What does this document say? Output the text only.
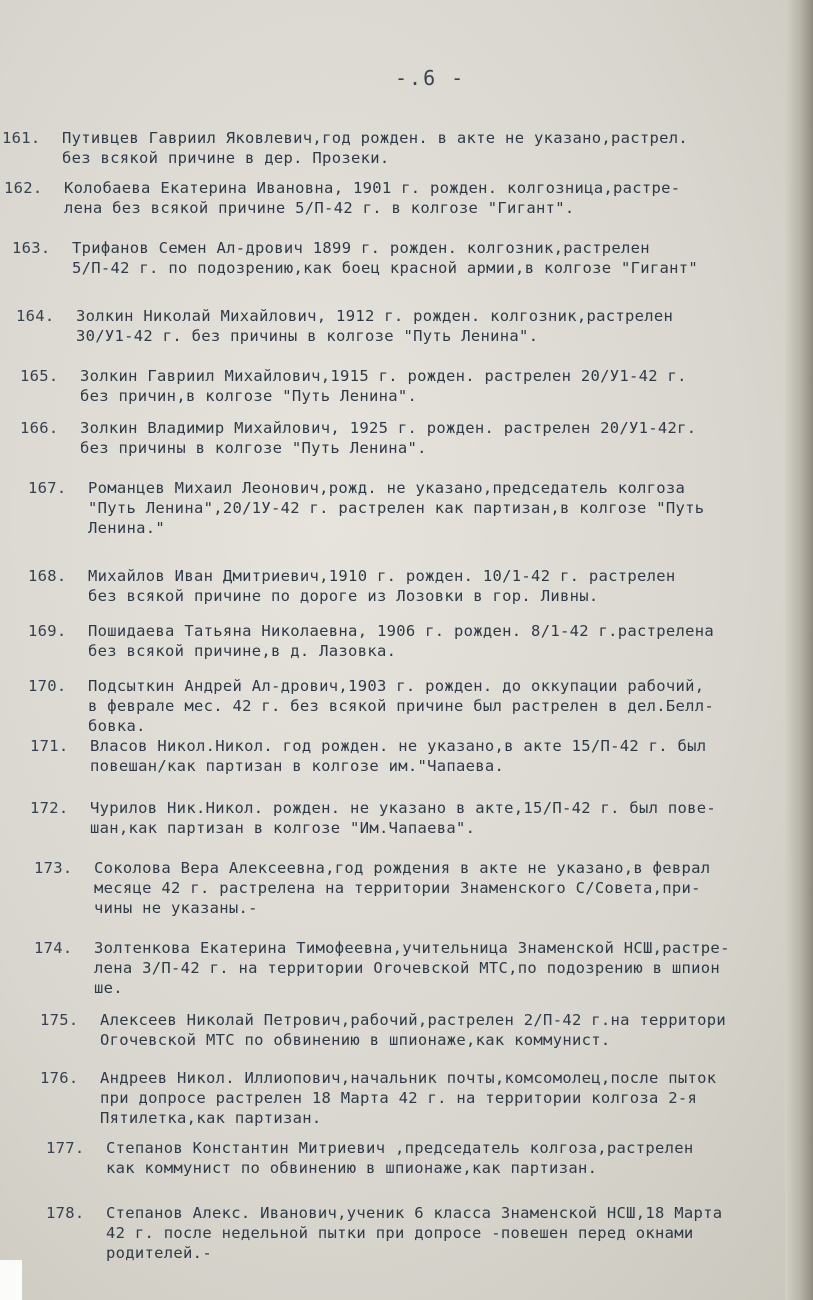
-.6 -
161. Путивцев Гавриил Яковлевич,год рожден. в акте не указано,растрел.
без всякой причине в дер. Прозеки.
162. Колобаева Екатерина Ивановна, 1901 г. рожден. колгозница,растре-
лена без всякой причине 5/П-42 г. в колгозе "Гигант".
163. Трифанов Семен Ал-дрович 1899 г. рожден. колгозник,растрелен
5/П-42 г. по подозрению,как боец красной армии,в колгозе "Гигант"
164. Золкин Николай Михайлович, 1912 г. рожден. колгозник,растрелен
30/У1-42 г. без причины в колгозе "Путь Ленина".
165. Золкин Гавриил Михайлович,1915 г. рожден. растрелен 20/У1-42 г.
без причин,в колгозе "Путь Ленина".
166. Золкин Владимир Михайлович, 1925 г. рожден. растрелен 20/У1-42г.
без причины в колгозе "Путь Ленина".
167. Романцев Михаил Леонович,рожд. не указано,председатель колгоза
"Путь Ленина",20/1У-42 г. растрелен как партизан,в колгозе "Путь
Ленина."
168. Михайлов Иван Дмитриевич,1910 г. рожден. 10/1-42 г. растрелен
без всякой причине по дороге из Лозовки в гор. Ливны.
169. Пошидаева Татьяна Николаевна, 1906 г. рожден. 8/1-42 г.растрелена
без всякой причине,в д. Лазовка.
170. Подсыткин Андрей Ал-дрович,1903 г. рожден. до оккупации рабочий,
в феврале мес. 42 г. без всякой причине был растрелен в дел.Белл-
бовка.
171. Власов Никол.Никол. год рожден. не указано,в акте 15/П-42 г. был
повешан/как партизан в колгозе им."Чапаева.
172. Чурилов Ник.Никол. рожден. не указано в акте,15/П-42 г. был пове-
шан,как партизан в колгозе "Им.Чапаева".
173. Соколова Вера Алексеевна,год рождения в акте не указано,в феврал
месяце 42 г. растрелена на территории Знаменского С/Совета,при-
чины не указаны.-
174. Золтенкова Екатерина Тимофеевна,учительница Знаменской НСШ,растре-
лена 3/П-42 г. на территории Orочевской МТС,по подозрению в шпион
ше.
175. Алексеев Николай Петрович,рабочий,растрелен 2/П-42 г.на территори
Огочевской МТС по обвинению в шпионаже,как коммунист.
176. Андреев Никол. Иллиопович,начальник почты,комсомолец,после пыток
при допросе растрелен 18 Марта 42 г. на территории колгоза 2-я
Пятилетка,как партизан.
177. Степанов Константин Митриевич ,председатель колгоза,растрелен
как коммунист по обвинению в шпионаже,как партизан.
178. Степанов Алекс. Иванович,ученик 6 класса Знаменской НСШ,18 Марта
42 г. после недельной пытки при допросе -повешен перед окнами
родителей.-
